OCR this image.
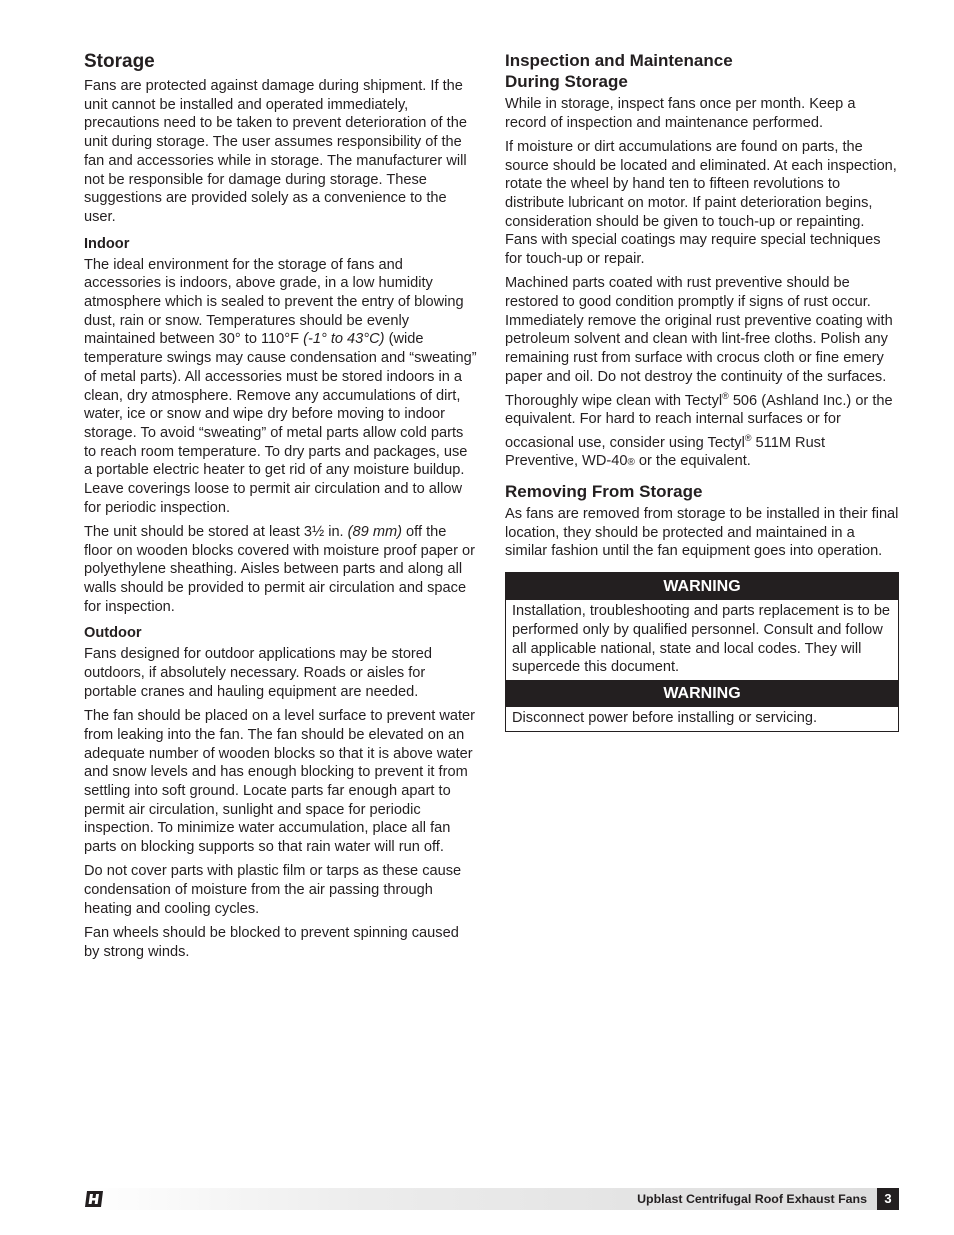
Storage

Fans are protected against damage during shipment. If the unit cannot be installed and operated immediately, precautions need to be taken to prevent deterioration of the unit during storage. The user assumes responsibility of the fan and accessories while in storage. The manufacturer will not be responsible for damage during storage. These suggestions are provided solely as a convenience to the user.

Indoor

The ideal environment for the storage of fans and accessories is indoors, above grade, in a low humidity atmosphere which is sealed to prevent the entry of blowing dust, rain or snow. Temperatures should be evenly maintained between 30° to 110°F (-1° to 43°C) (wide temperature swings may cause condensation and “sweating” of metal parts). All accessories must be stored indoors in a clean, dry atmosphere. Remove any accumulations of dirt, water, ice or snow and wipe dry before moving to indoor storage. To avoid “sweating” of metal parts allow cold parts to reach room temperature. To dry parts and packages, use a portable electric heater to get rid of any moisture buildup. Leave coverings loose to permit air circulation and to allow for periodic inspection.

The unit should be stored at least 3½ in. (89 mm) off the floor on wooden blocks covered with moisture proof paper or polyethylene sheathing. Aisles between parts and along all walls should be provided to permit air circulation and space for inspection.

Outdoor

Fans designed for outdoor applications may be stored outdoors, if absolutely necessary. Roads or aisles for portable cranes and hauling equipment are needed.

The fan should be placed on a level surface to prevent water from leaking into the fan. The fan should be elevated on an adequate number of wooden blocks so that it is above water and snow levels and has enough blocking to prevent it from settling into soft ground. Locate parts far enough apart to permit air circulation, sunlight and space for periodic inspection. To minimize water accumulation, place all fan parts on blocking supports so that rain water will run off.

Do not cover parts with plastic film or tarps as these cause condensation of moisture from the air passing through heating and cooling cycles.

Fan wheels should be blocked to prevent spinning caused by strong winds.

Inspection and Maintenance
During Storage

While in storage, inspect fans once per month. Keep a record of inspection and maintenance performed.

If moisture or dirt accumulations are found on parts, the source should be located and eliminated. At each inspection, rotate the wheel by hand ten to fifteen revolutions to distribute lubricant on motor. If paint deterioration begins, consideration should be given to touch-up or repainting. Fans with special coatings may require special techniques for touch-up or repair.

Machined parts coated with rust preventive should be restored to good condition promptly if signs of rust occur. Immediately remove the original rust preventive coating with petroleum solvent and clean with lint-free cloths. Polish any remaining rust from surface with crocus cloth or fine emery paper and oil. Do not destroy the continuity of the surfaces. Thoroughly wipe clean with Tectyl® 506 (Ashland Inc.) or the equivalent. For hard to reach internal surfaces or for occasional use, consider using Tectyl® 511M Rust Preventive, WD-40® or the equivalent.

Removing From Storage

As fans are removed from storage to be installed in their final location, they should be protected and maintained in a similar fashion until the fan equipment goes into operation.

WARNING
Installation, troubleshooting and parts replacement is to be performed only by qualified personnel. Consult and follow all applicable national, state and local codes. They will supercede this document.
WARNING
Disconnect power before installing or servicing.
Upblast Centrifugal Roof Exhaust Fans	3
